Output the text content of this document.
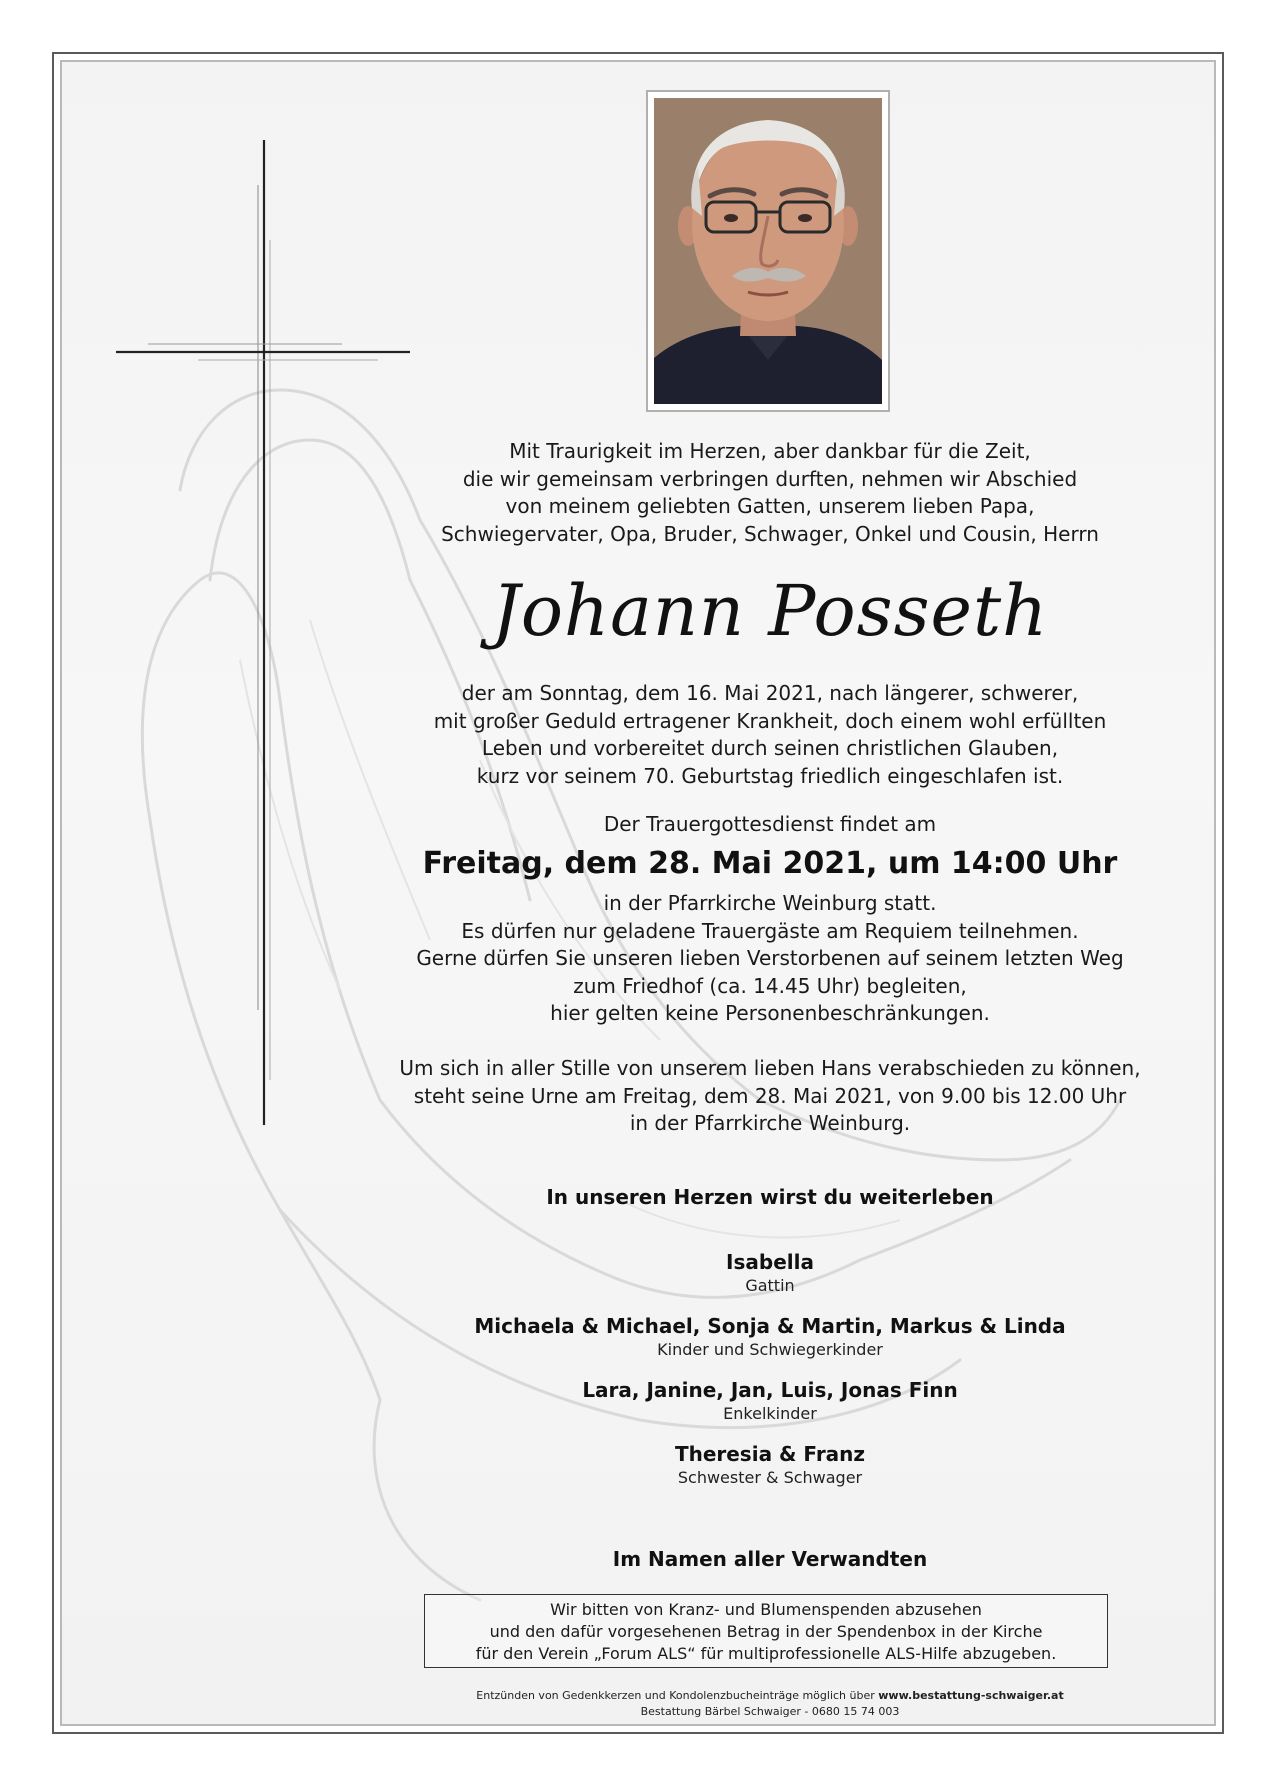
Mit Traurigkeit im Herzen, aber dankbar für die Zeit,
die wir gemeinsam verbringen durften, nehmen wir Abschied
von meinem geliebten Gatten, unserem lieben Papa,
Schwiegervater, Opa, Bruder, Schwager, Onkel und Cousin, Herrn
Johann Posseth
der am Sonntag, dem 16. Mai 2021, nach längerer, schwerer,
mit großer Geduld ertragener Krankheit, doch einem wohl erfüllten
Leben und vorbereitet durch seinen christlichen Glauben,
kurz vor seinem 70. Geburtstag friedlich eingeschlafen ist.
Der Trauergottesdienst findet am
Freitag, dem 28. Mai 2021, um 14:00 Uhr
in der Pfarrkirche Weinburg statt.
Es dürfen nur geladene Trauergäste am Requiem teilnehmen.
Gerne dürfen Sie unseren lieben Verstorbenen auf seinem letzten Weg
zum Friedhof (ca. 14.45 Uhr) begleiten,
hier gelten keine Personenbeschränkungen.
Um sich in aller Stille von unserem lieben Hans verabschieden zu können,
steht seine Urne am Freitag, dem 28. Mai 2021, von 9.00 bis 12.00 Uhr
in der Pfarrkirche Weinburg.
In unseren Herzen wirst du weiterleben
Isabella
Gattin
Michaela & Michael, Sonja & Martin, Markus & Linda
Kinder und Schwiegerkinder
Lara, Janine, Jan, Luis, Jonas Finn
Enkelkinder
Theresia & Franz
Schwester & Schwager
Im Namen aller Verwandten
Wir bitten von Kranz- und Blumenspenden abzusehen
und den dafür vorgesehenen Betrag in der Spendenbox in der Kirche
für den Verein „Forum ALS“ für multiprofessionelle ALS-Hilfe abzugeben.
Entzünden von Gedenkkerzen und Kondolenzbucheinträge möglich über www.bestattung-schwaiger.at
Bestattung Bärbel Schwaiger - 0680 15 74 003
